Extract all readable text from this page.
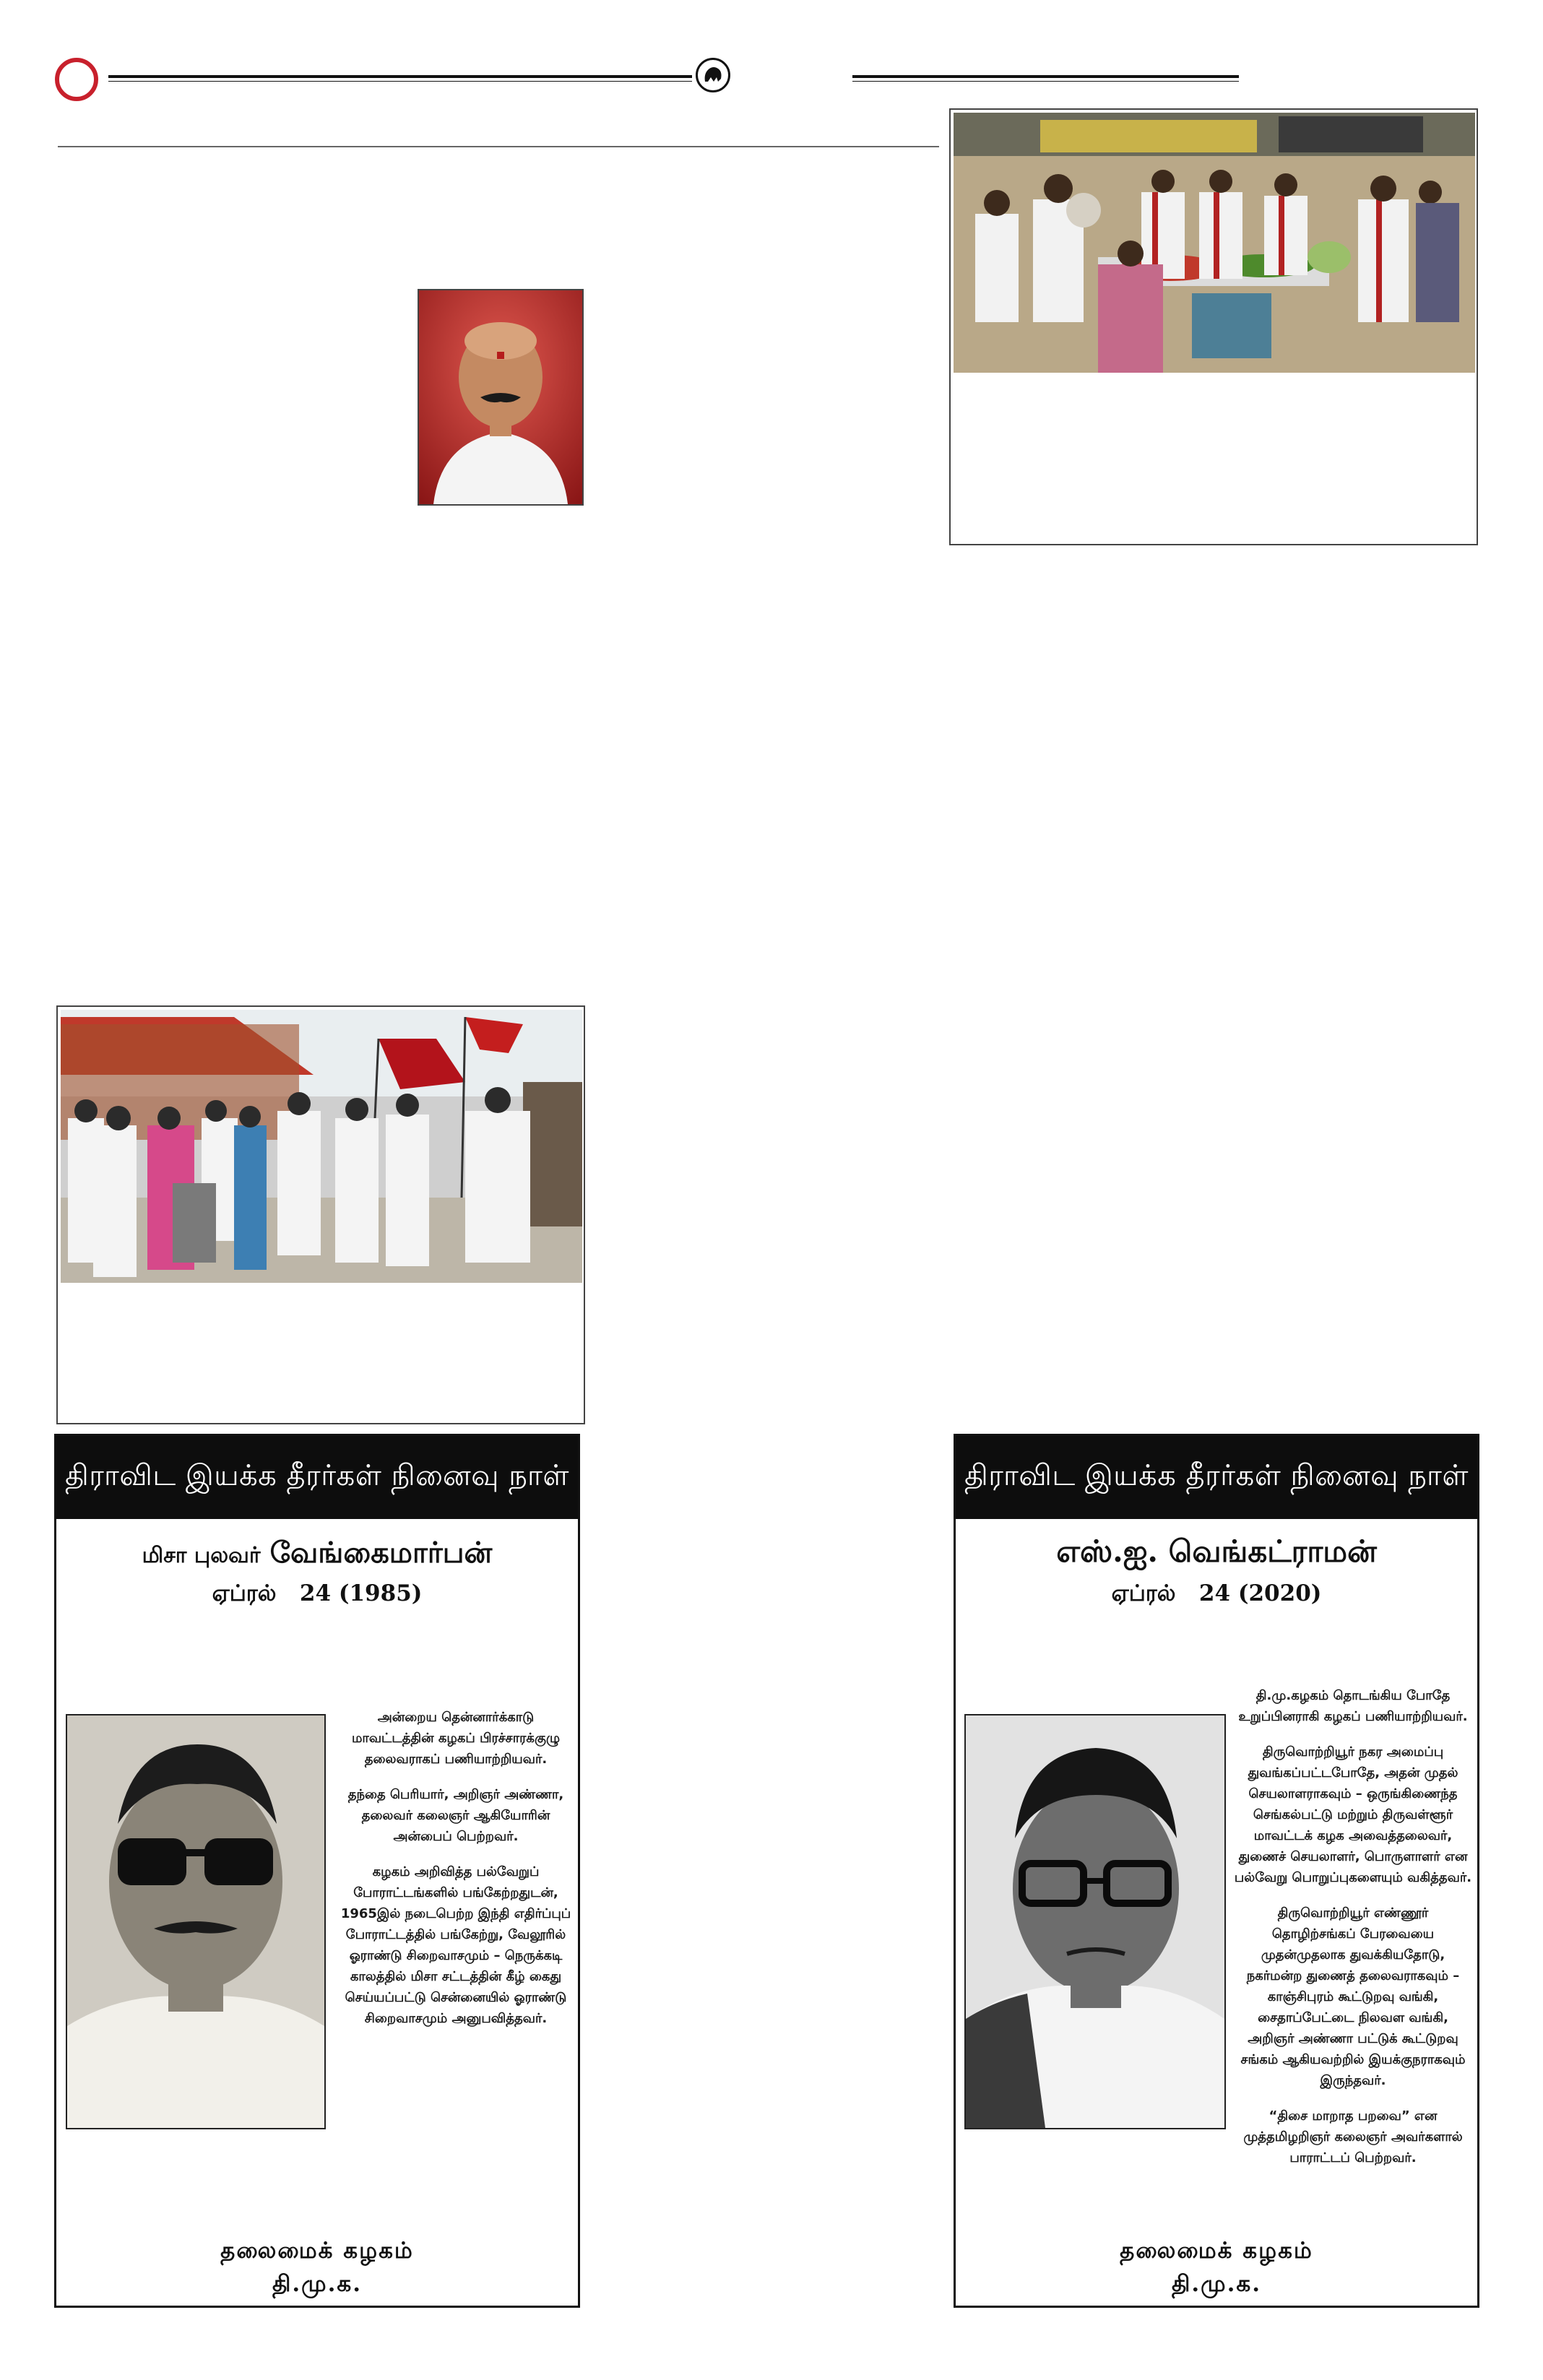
திராவிட இயக்க தீரர்கள் நினைவு நாள்
மிசா புலவர் வேங்கைமார்பன்
ஏப்ரல்   24 (1985)

அன்றைய தென்னார்க்காடு மாவட்டத்தின் கழகப் பிரச்சாரக்குழு தலைவராகப் பணியாற்றியவர்.

தந்தை பெரியார், அறிஞர் அண்ணா, தலைவர் கலைஞர் ஆகியோரின் அன்பைப் பெற்றவர்.

கழகம் அறிவித்த பல்வேறுப் போராட்டங்களில் பங்கேற்றதுடன், 1965இல் நடைபெற்ற இந்தி எதிர்ப்புப் போராட்டத்தில் பங்கேற்று, வேலூரில் ஓராண்டு சிறைவாசமும் – நெருக்கடி காலத்தில் மிசா சட்டத்தின் கீழ் கைது செய்யப்பட்டு சென்னையில் ஓராண்டு சிறைவாசமும் அனுபவித்தவர்.

தலைமைக் கழகம்
தி.மு.க.
திராவிட இயக்க தீரர்கள் நினைவு நாள்
எஸ்.ஐ. வெங்கட்ராமன்
ஏப்ரல்   24 (2020)

தி.மு.கழகம் தொடங்கிய போதே உறுப்பினராகி கழகப் பணியாற்றியவர்.

திருவொற்றியூர் நகர அமைப்பு துவங்கப்பட்டபோதே, அதன் முதல் செயலாளராகவும் – ஒருங்கிணைந்த செங்கல்பட்டு மற்றும் திருவள்ளூர் மாவட்டக் கழக அவைத்தலைவர், துணைச் செயலாளர், பொருளாளர் என பல்வேறு பொறுப்புகளையும் வகித்தவர்.

திருவொற்றியூர் எண்ணூர் தொழிற்சங்கப் பேரவையை முதன்முதலாக துவக்கியதோடு, நகர்மன்ற துணைத் தலைவராகவும் – காஞ்சிபுரம் கூட்டுறவு வங்கி, சைதாப்பேட்டை நிலவள வங்கி, அறிஞர் அண்ணா பட்டுக் கூட்டுறவு சங்கம் ஆகியவற்றில் இயக்குநராகவும் இருந்தவர்.

“திசை மாறாத பறவை” என முத்தமிழறிஞர் கலைஞர் அவர்களால் பாராட்டப் பெற்றவர்.

தலைமைக் கழகம்
தி.மு.க.
